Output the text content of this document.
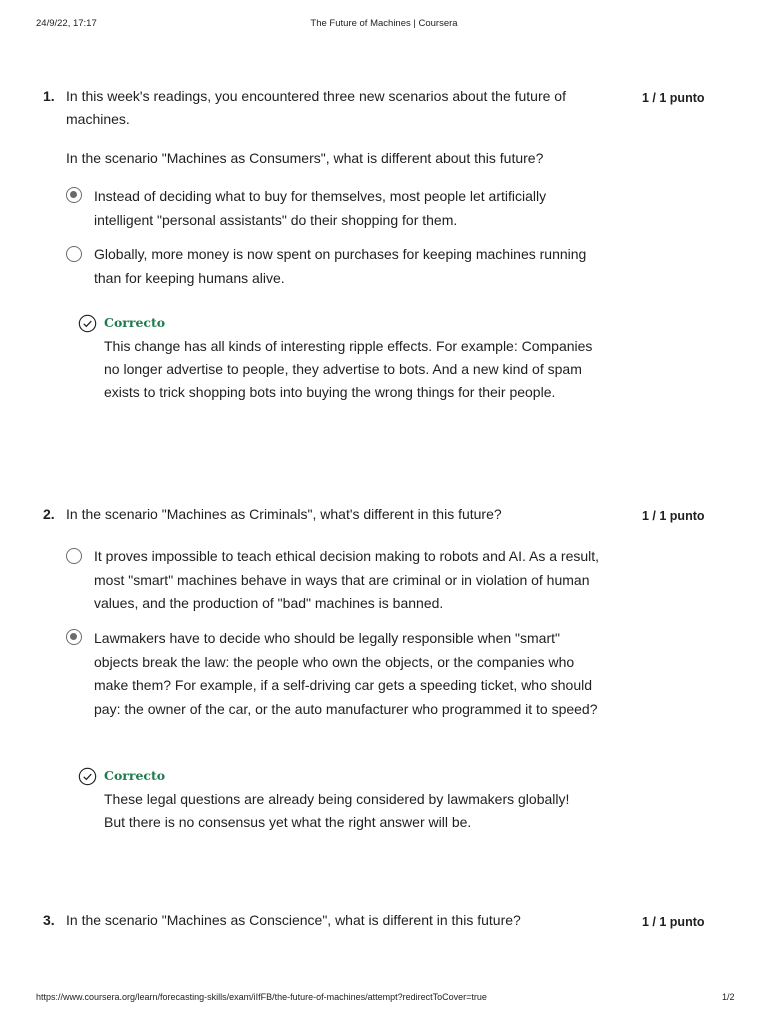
24/9/22, 17:17	The Future of Machines | Coursera
1. In this week's readings, you encountered three new scenarios about the future of machines.

1 / 1 punto

In the scenario "Machines as Consumers", what is different about this future?

Instead of deciding what to buy for themselves, most people let artificially intelligent "personal assistants" do their shopping for them.

Globally, more money is now spent on purchases for keeping machines running than for keeping humans alive.

Correcto

This change has all kinds of interesting ripple effects. For example: Companies no longer advertise to people, they advertise to bots. And a new kind of spam exists to trick shopping bots into buying the wrong things for their people.

2. In the scenario "Machines as Criminals", what's different in this future?	1 / 1 punto

It proves impossible to teach ethical decision making to robots and AI. As a result, most "smart" machines behave in ways that are criminal or in violation of human values, and the production of "bad" machines is banned.

Lawmakers have to decide who should be legally responsible when "smart" objects break the law: the people who own the objects, or the companies who make them? For example, if a self-driving car gets a speeding ticket, who should pay: the owner of the car, or the auto manufacturer who programmed it to speed?

Correcto

These legal questions are already being considered by lawmakers globally! But there is no consensus yet what the right answer will be.

3. In the scenario "Machines as Conscience", what is different in this future?	1 / 1 punto
https://www.coursera.org/learn/forecasting-skills/exam/iIfFB/the-future-of-machines/attempt?redirectToCover=true	1/2
